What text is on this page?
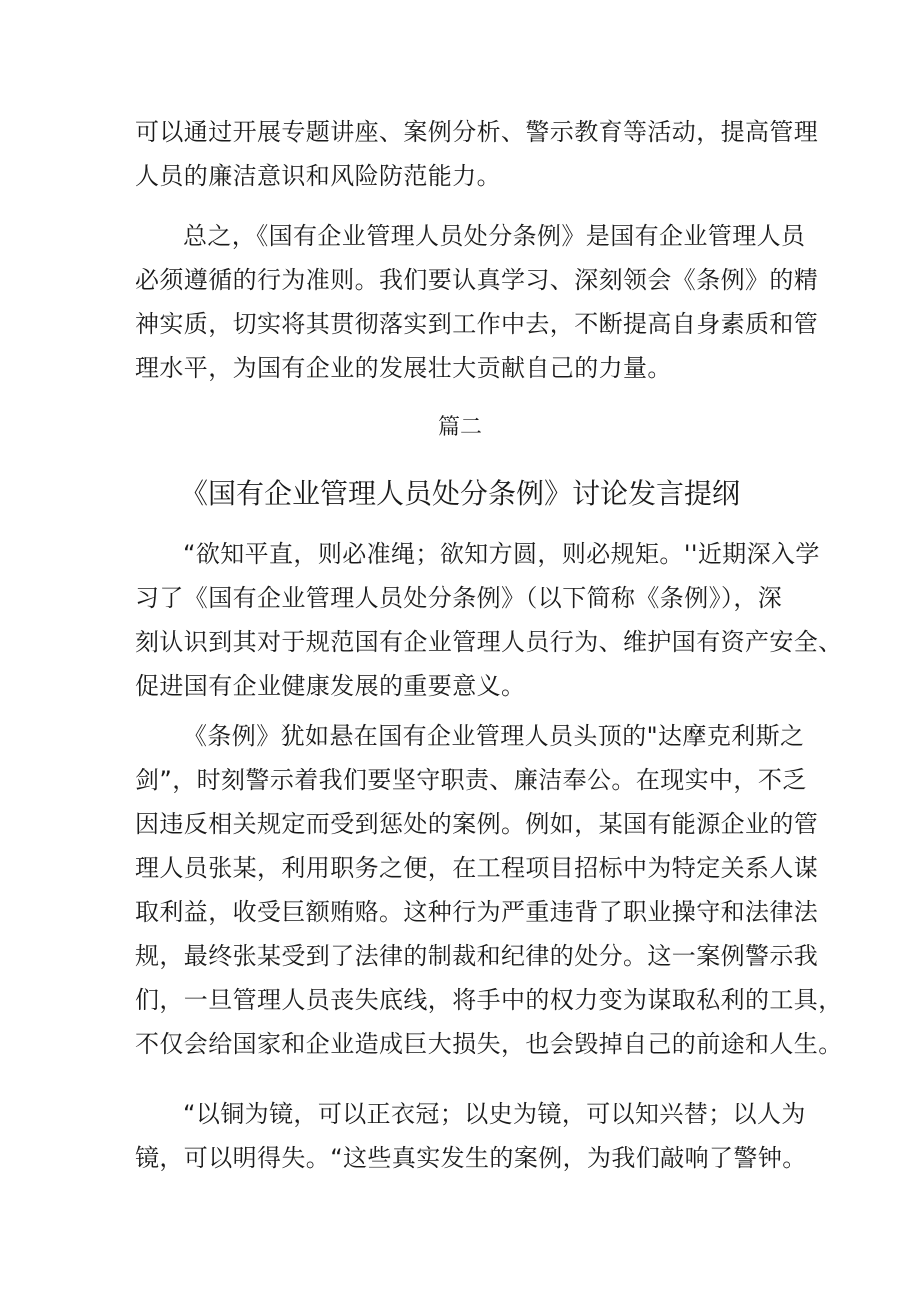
可以通过开展专题讲座、案例分析、警示教育等活动，提高管理
人员的廉洁意识和风险防范能力。

总之，《国有企业管理人员处分条例》是国有企业管理人员
必须遵循的行为准则。我们要认真学习、深刻领会《条例》的精
神实质，切实将其贯彻落实到工作中去，不断提高自身素质和管
理水平，为国有企业的发展壮大贡献自己的力量。

篇二
《国有企业管理人员处分条例》讨论发言提纲

“欲知平直，则必准绳；欲知方圆，则必规矩。''近期深入学
习了《国有企业管理人员处分条例》（以下简称《条例》），深
刻认识到其对于规范国有企业管理人员行为、维护国有资产安全、
促进国有企业健康发展的重要意义。

《条例》犹如悬在国有企业管理人员头顶的"达摩克利斯之
剑”，时刻警示着我们要坚守职责、廉洁奉公。在现实中，不乏
因违反相关规定而受到惩处的案例。例如，某国有能源企业的管
理人员张某，利用职务之便，在工程项目招标中为特定关系人谋
取利益，收受巨额贿赂。这种行为严重违背了职业操守和法律法
规，最终张某受到了法律的制裁和纪律的处分。这一案例警示我
们，一旦管理人员丧失底线，将手中的权力变为谋取私利的工具，
不仅会给国家和企业造成巨大损失，也会毁掉自己的前途和人生。

“以铜为镜，可以正衣冠；以史为镜，可以知兴替；以人为
镜，可以明得失。“这些真实发生的案例，为我们敲响了警钟。
